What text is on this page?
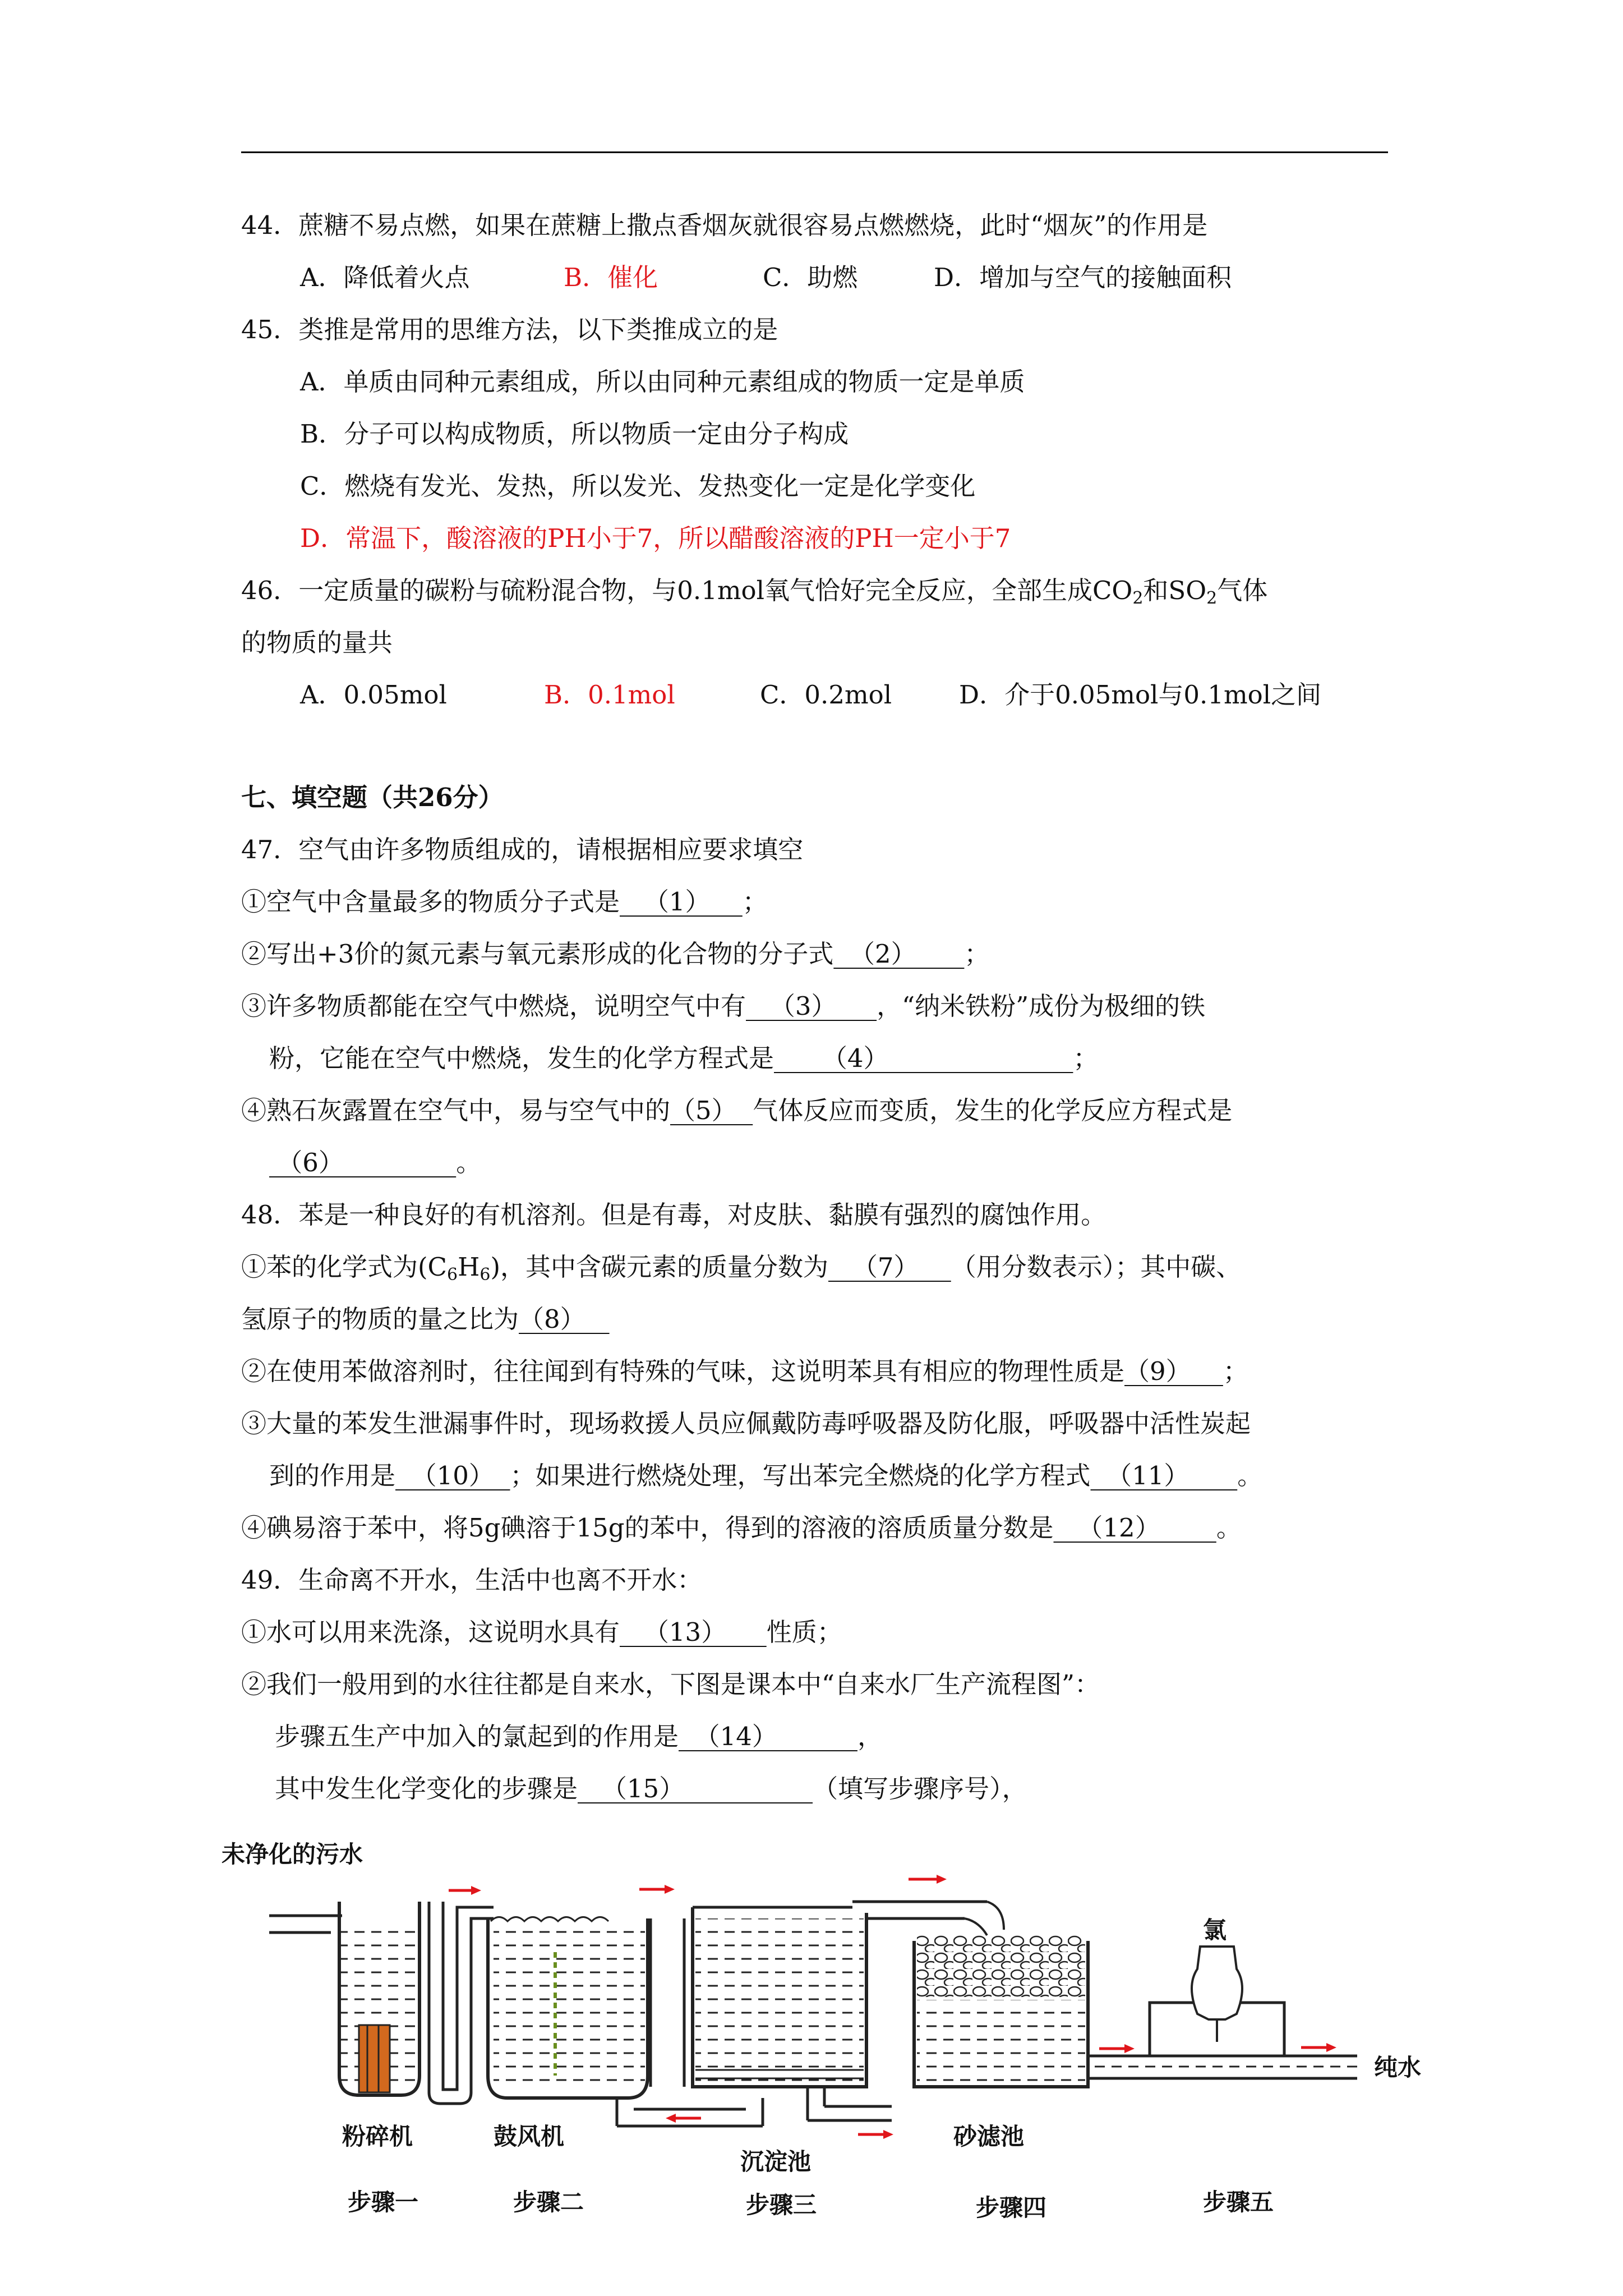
44．蔗糖不易点燃，如果在蔗糖上撒点香烟灰就很容易点燃燃烧，此时“烟灰”的作用是
A．降低着火点	B．催化	C．助燃	D．增加与空气的接触面积
45．类推是常用的思维方法，以下类推成立的是
A．单质由同种元素组成，所以由同种元素组成的物质一定是单质
B．分子可以构成物质，所以物质一定由分子构成
C．燃烧有发光、发热，所以发光、发热变化一定是化学变化
D．常温下，酸溶液的PH小于7，所以醋酸溶液的PH一定小于7
46．一定质量的碳粉与硫粉混合物，与0.1mol氧气恰好完全反应，全部生成$CO_2$和$SO_2$气体
的物质的量共
A．0.05mol	B．0.1mol	C．0.2mol	D．介于0.05mol与0.1mol之间
七、填空题（共26分）
47．空气由许多物质组成的，请根据相应要求填空
①空气中含量最多的物质分子式是   （1）    ；
②写出+3价的氮元素与氧元素形成的化合物的分子式  （2）      ；
③许多物质都能在空气中燃烧，说明空气中有   （3）     ，“纳米铁粉”成份为极细的铁
粉，它能在空气中燃烧，发生的化学方程式是      （4）                       ；
④熟石灰露置在空气中，易与空气中的（5）  气体反应而变质，发生的化学反应方程式是
（6）              。
48．苯是一种良好的有机溶剂。但是有毒，对皮肤、黏膜有强烈的腐蚀作用。
①苯的化学式为$(C_6H_6)$，其中含碳元素的质量分数为   （7）    （用分数表示）；其中碳、
氢原子的物质的量之比为（8）
②在使用苯做溶剂时，往往闻到有特殊的气味，这说明苯具有相应的物理性质是（9）    ；
③大量的苯发生泄漏事件时，现场救援人员应佩戴防毒呼吸器及防化服，呼吸器中活性炭起
到的作用是  （10）  ；如果进行燃烧处理，写出苯完全燃烧的化学方程式  （11）      。
④碘易溶于苯中，将5g碘溶于15g的苯中，得到的溶液的溶质质量分数是   （12）       。
49．生命离不开水，生活中也离不开水：
①水可以用来洗涤，这说明水具有   （13）     性质；
②我们一般用到的水往往都是自来水，下图是课本中“自来水厂生产流程图”：
步骤五生产中加入的氯起到的作用是  （14）          ，
其中发生化学变化的步骤是   （15）                （填写步骤序号），
未净化的污水
氯
纯水
粉碎机	鼓风机
沉淀池
砂滤池
步骤一	步骤二	步骤三	步骤四	步骤五
